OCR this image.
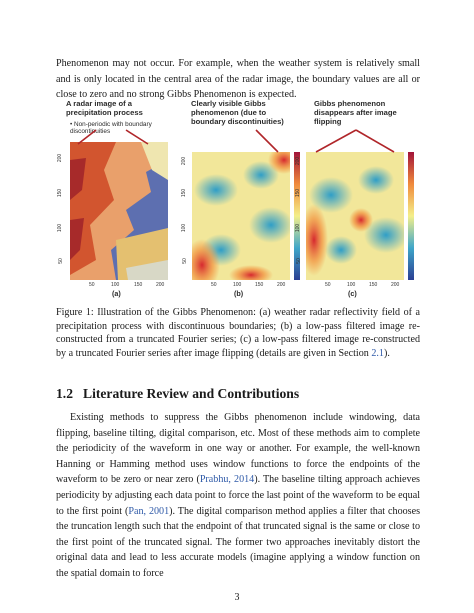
Phenomenon may not occur. For example, when the weather system is relatively small and is only located in the central area of the radar image, the boundary values are all or close to zero and no strong Gibbs Phenomenon is expected.

A radar image of a precipitation process
• Non-periodic with boundary discontinuities
Clearly visible Gibbs phenomenon (due to boundary discontinuities)
Gibbs phenomenon disappears after image flipping
50
100
150
200
50
100
150
200
50
100
150
200
50	100	150	200	50	100	150	200	50	100	150	200
(a)	(b)	(c)

Figure 1: Illustration of the Gibbs Phenomenon: (a) weather radar reflectivity field of a precipitation process with discontinuous boundaries; (b) a low-pass filtered image re-constructed from a truncated Fourier series; (c) a low-pass filtered image re-constructed by a truncated Fourier series after image flipping (details are given in Section 2.1).

1.2 Literature Review and Contributions

Existing methods to suppress the Gibbs phenomenon include windowing, data flipping, baseline tilting, digital comparison, etc. Most of these methods aim to complete the periodicity of the waveform in one way or another. For example, the well-known Hanning or Hamming method uses window functions to force the endpoints of the waveform to be zero or near zero (Prabhu, 2014). The baseline tilting approach achieves periodicity by adjusting each data point to force the last point of the waveform to be equal to the first point (Pan, 2001). The digital comparison method applies a filter that chooses the truncation length such that the endpoint of that truncated signal is the same or close to the first point of the truncated signal. The former two approaches inevitably distort the original data and lead to less accurate models (imagine applying a window function on the spatial domain to force

3
